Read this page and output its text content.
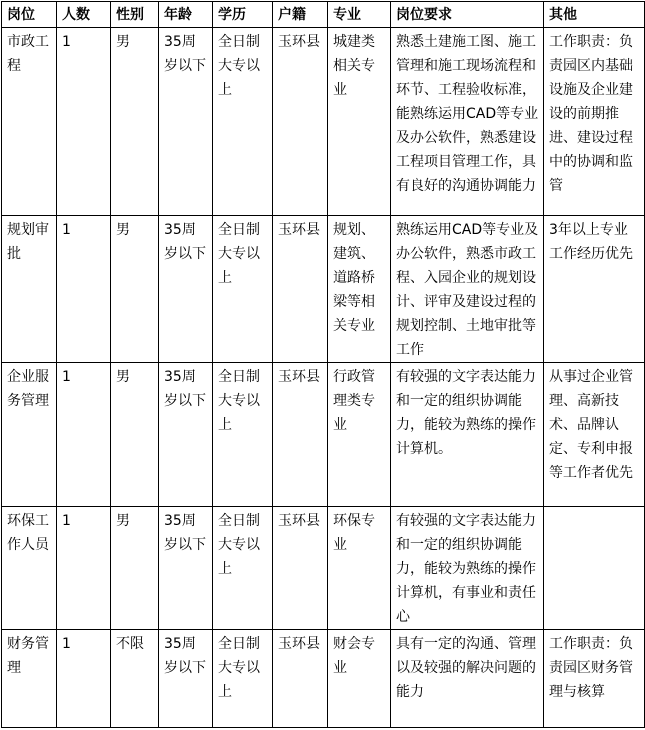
岗位	人数	性别	年龄	学历	户籍	专业	岗位要求	其他
市政工程	1	男	35周岁以下	全日制大专以上	玉环县	城建类相关专业	熟悉土建施工图、施工管理和施工现场流程和环节、工程验收标准，能熟练运用CAD等专业及办公软件，熟悉建设工程项目管理工作，具有良好的沟通协调能力	工作职责：负责园区内基础设施及企业建设的前期推进、建设过程中的协调和监管
规划审批	1	男	35周岁以下	全日制大专以上	玉环县	规划、建筑、道路桥梁等相关专业	熟练运用CAD等专业及办公软件，熟悉市政工程、入园企业的规划设计、评审及建设过程的规划控制、土地审批等工作	3年以上专业工作经历优先
企业服务管理	1	男	35周岁以下	全日制大专以上	玉环县	行政管理类专业	有较强的文字表达能力和一定的组织协调能力，能较为熟练的操作计算机。	从事过企业管理、高新技术、品牌认定、专利申报等工作者优先
环保工作人员	1	男	35周岁以下	全日制大专以上	玉环县	环保专业	有较强的文字表达能力和一定的组织协调能力，能较为熟练的操作计算机，有事业和责任心	
财务管理	1	不限	35周岁以下	全日制大专以上	玉环县	财会专业	具有一定的沟通、管理以及较强的解决问题的能力	工作职责：负责园区财务管理与核算
